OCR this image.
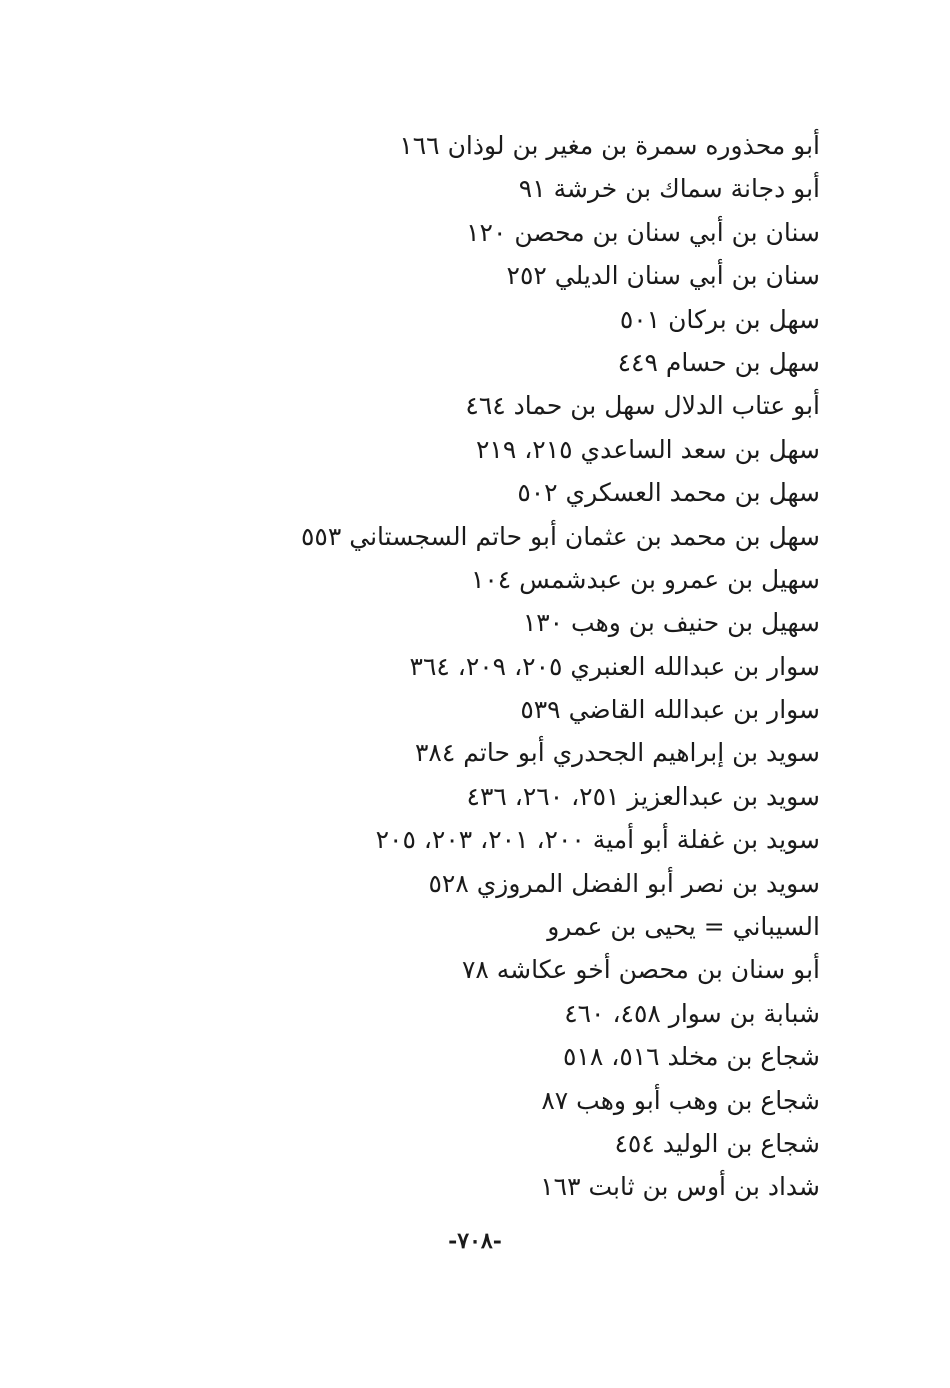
أبو محذوره سمرة بن مغير بن لوذان ١٦٦
أبو دجانة سماك بن خرشة ٩١
سنان بن أبي سنان بن محصن ١٢٠
سنان بن أبي سنان الديلي ٢٥٢
سهل بن بركان ٥٠١
سهل بن حسام ٤٤٩
أبو عتاب الدلال سهل بن حماد ٤٦٤
سهل بن سعد الساعدي ٢١٥، ٢١٩
سهل بن محمد العسكري ٥٠٢
سهل بن محمد بن عثمان أبو حاتم السجستاني ٥٥٣
سهيل بن عمرو بن عبدشمس ١٠٤
سهيل بن حنيف بن وهب ١٣٠
سوار بن عبدالله العنبري ٢٠٥، ٢٠٩، ٣٦٤
سوار بن عبدالله القاضي ٥٣٩
سويد بن إبراهيم الجحدري أبو حاتم ٣٨٤
سويد بن عبدالعزيز ٢٥١، ٢٦٠، ٤٣٦
سويد بن غفلة أبو أمية ٢٠٠، ٢٠١، ٢٠٣، ٢٠٥
سويد بن نصر أبو الفضل المروزي ٥٢٨
السيباني = يحيى بن عمرو
أبو سنان بن محصن أخو عكاشه ٧٨
شبابة بن سوار ٤٥٨، ٤٦٠
شجاع بن مخلد ٥١٦، ٥١٨
شجاع بن وهب أبو وهب ٨٧
شجاع بن الوليد ٤٥٤
شداد بن أوس بن ثابت ١٦٣
-٧٠٨-
